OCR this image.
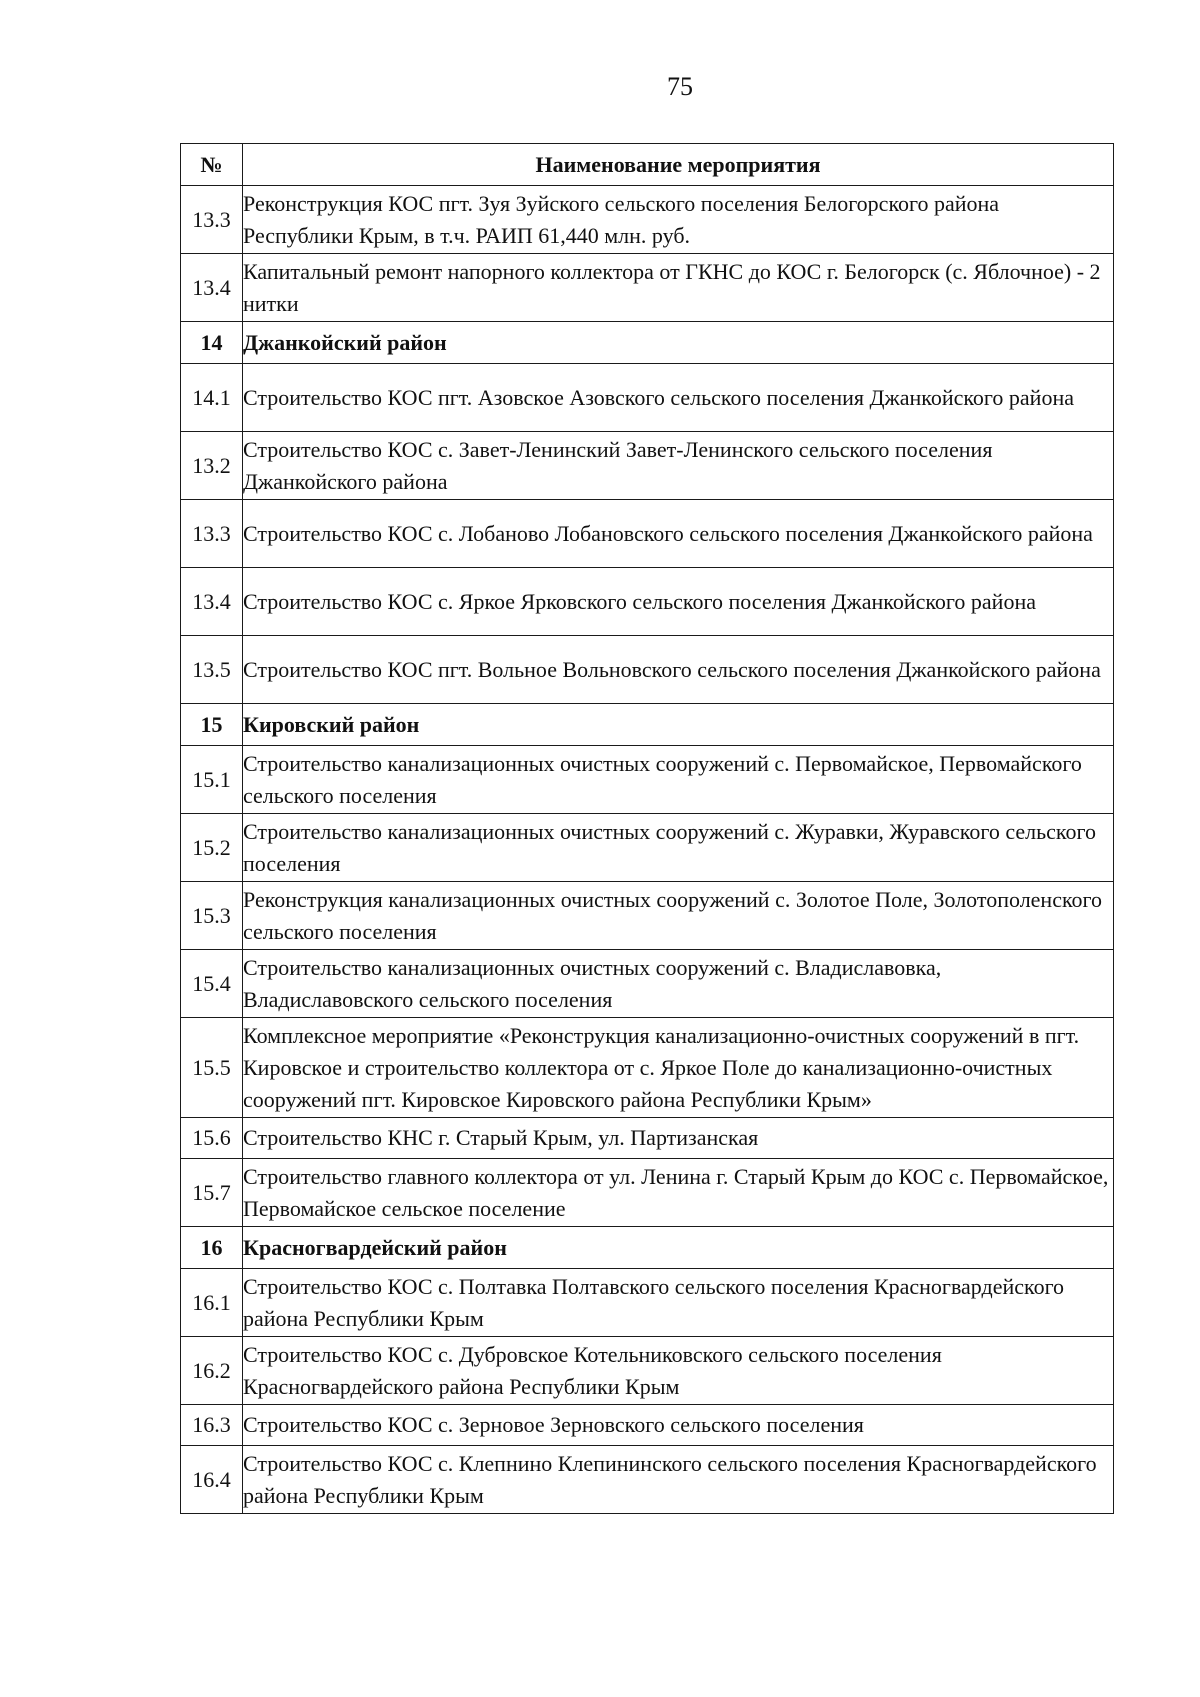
75
№	Наименование мероприятия
13.3	Реконструкция КОС пгт. Зуя Зуйского сельского поселения Белогорского района Республики Крым, в т.ч. РАИП 61,440 млн. руб.
13.4	Капитальный ремонт напорного коллектора от ГКНС до КОС г. Белогорск (с. Яблочное) - 2 нитки
14	Джанкойский район
14.1	Строительство КОС пгт. Азовское Азовского сельского поселения Джанкойского района
13.2	Строительство КОС с. Завет-Ленинский Завет-Ленинского сельского поселения Джанкойского района
13.3	Строительство КОС с. Лобаново Лобановского сельского поселения Джанкойского района
13.4	Строительство КОС с. Яркое Ярковского сельского поселения Джанкойского района
13.5	Строительство КОС пгт. Вольное Вольновского сельского поселения Джанкойского района
15	Кировский район
15.1	Строительство канализационных очистных сооружений с. Первомайское, Первомайского сельского поселения
15.2	Строительство канализационных очистных сооружений с. Журавки, Журавского сельского поселения
15.3	Реконструкция канализационных очистных сооружений с. Золотое Поле, Золотополенского сельского поселения
15.4	Строительство канализационных очистных сооружений с. Владиславовка, Владиславовского сельского поселения
15.5	Комплексное мероприятие «Реконструкция канализационно-очистных сооружений в пгт. Кировское и строительство коллектора от с. Яркое Поле до канализационно-очистных сооружений пгт. Кировское Кировского района Республики Крым»
15.6	Строительство КНС г. Старый Крым, ул. Партизанская
15.7	Строительство главного коллектора от ул. Ленина г. Старый Крым до КОС с. Первомайское, Первомайское сельское поселение
16	Красногвардейский район
16.1	Строительство КОС с. Полтавка Полтавского сельского поселения Красногвардейского района Республики Крым
16.2	Строительство КОС с. Дубровское Котельниковского сельского поселения Красногвардейского района Республики Крым
16.3	Строительство КОС с. Зерновое Зерновского сельского поселения
16.4	Строительство КОС с. Клепнино Клепининского сельского поселения Красногвардейского района Республики Крым
